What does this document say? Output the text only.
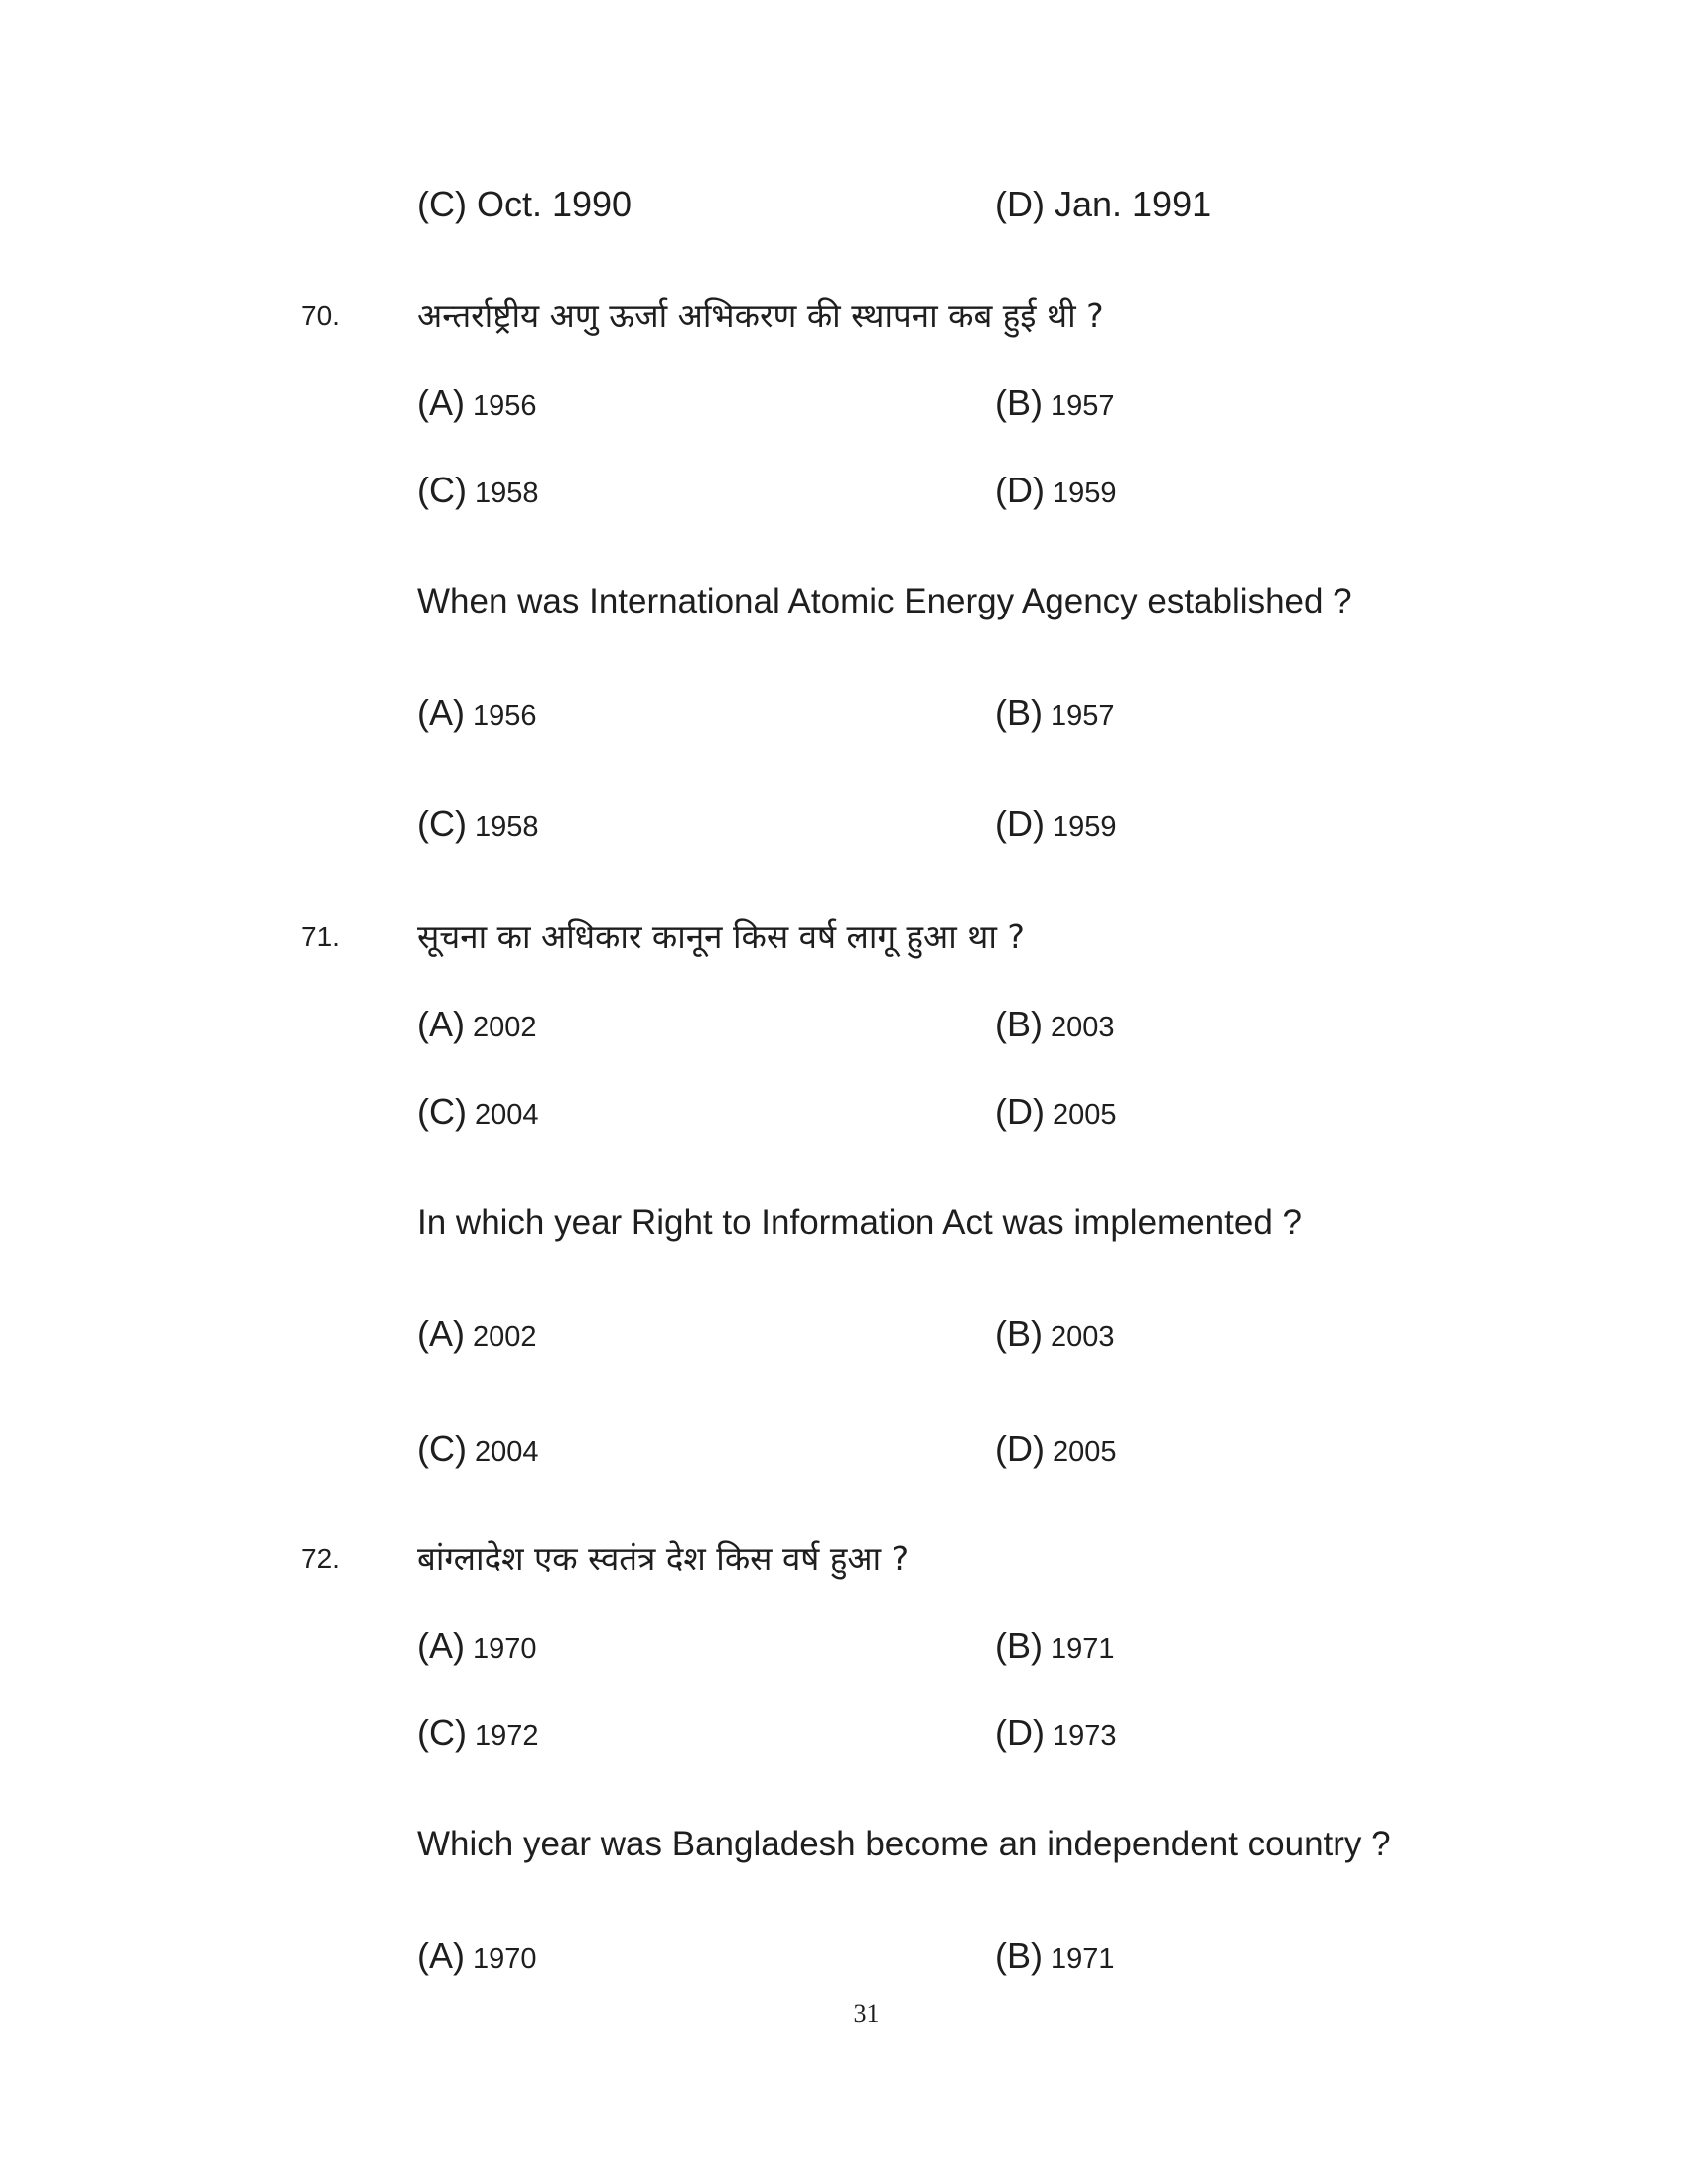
(C) Oct. 1990	(D) Jan. 1991
70. अन्तर्राष्ट्रीय अणु ऊर्जा अभिकरण की स्थापना कब हुई थी ?
(A) 1956	(B) 1957
(C) 1958	(D) 1959
When was International Atomic Energy Agency established ?
(A) 1956	(B) 1957
(C) 1958	(D) 1959
71. सूचना का अधिकार कानून किस वर्ष लागू हुआ था ?
(A) 2002	(B) 2003
(C) 2004	(D) 2005
In which year Right to Information Act was implemented ?
(A) 2002	(B) 2003
(C) 2004	(D) 2005
72. बांग्लादेश एक स्वतंत्र देश किस वर्ष हुआ ?
(A) 1970	(B) 1971
(C) 1972	(D) 1973
Which year was Bangladesh become an independent country ?
(A) 1970	(B) 1971
31
